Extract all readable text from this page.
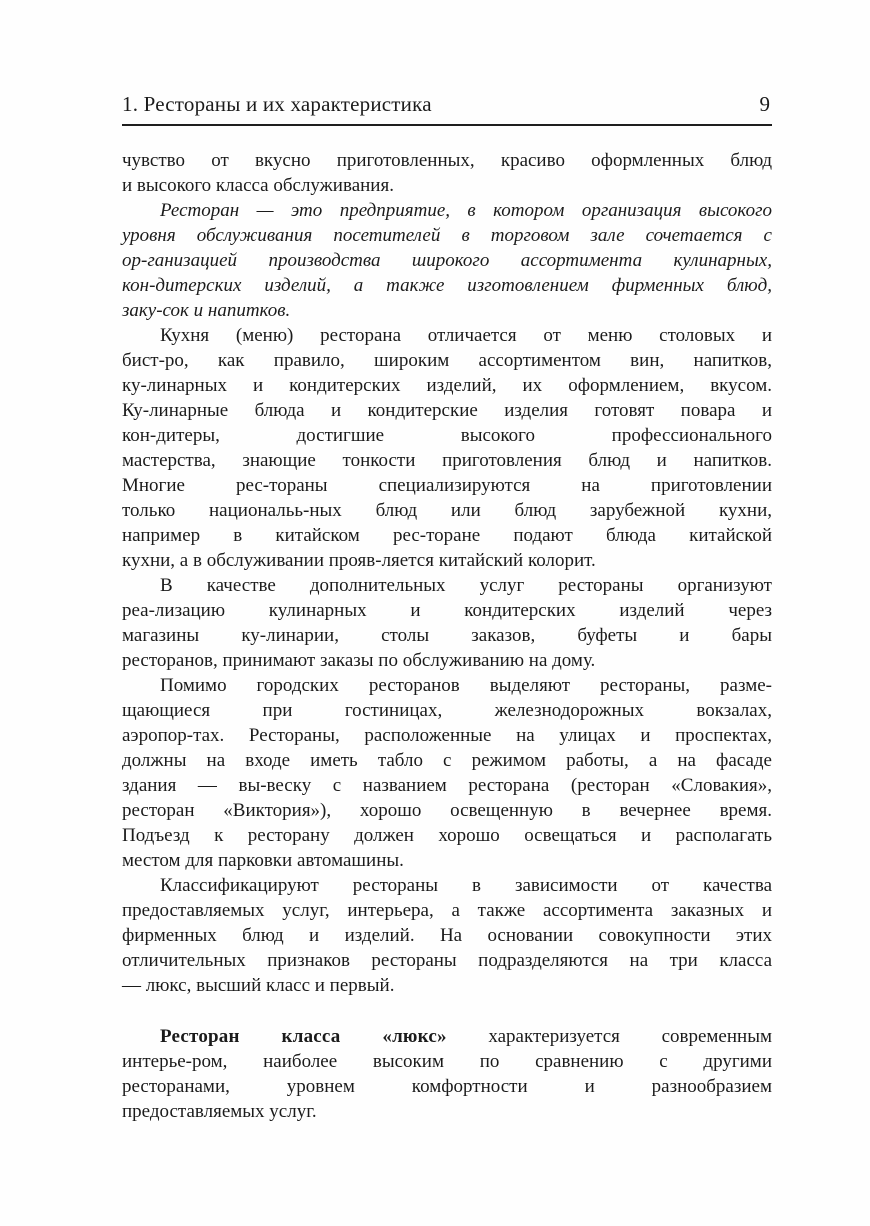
1. Рестораны и их характеристика	9
чувство от вкусно приготовленных, красиво оформленных блюд
и высокого класса обслуживания.
Ресторан — это предприятие, в котором организация высокого
уровня обслуживания посетителей в торговом зале сочетается с
ор-ганизацией производства широкого ассортимента кулинарных,
кон-дитерских изделий, а также изготовлением фирменных блюд,
заку-сок и напитков.
Кухня (меню) ресторана отличается от меню столовых и
бист-ро, как правило, широким ассортиментом вин, напитков,
ку-линарных и кондитерских изделий, их оформлением, вкусом.
Ку-линарные блюда и кондитерские изделия готовят повара и
кон-дитеры, достигшие высокого профессионального
мастерства, знающие тонкости приготовления блюд и напитков.
Многие рес-тораны специализируются на приготовлении
только национальь-ных блюд или блюд зарубежной кухни,
например в китайском рес-торане подают блюда китайской
кухни, а в обслуживании прояв-ляется китайский колорит.
В качестве дополнительных услуг рестораны организуют
реа-лизацию кулинарных и кондитерских изделий через
магазины ку-линарии, столы заказов, буфеты и бары
ресторанов, принимают заказы по обслуживанию на дому.
Помимо городских ресторанов выделяют рестораны, разме-
щающиеся при гостиницах, железнодорожных вокзалах,
аэропор-тах. Рестораны, расположенные на улицах и проспектах,
должны на входе иметь табло с режимом работы, а на фасаде
здания — вы-веску с названием ресторана (ресторан «Словакия»,
ресторан «Виктория»), хорошо освещенную в вечернее время.
Подъезд к ресторану должен хорошо освещаться и располагать
местом для парковки автомашины.
Классификацируют рестораны в зависимости от качества
предоставляемых услуг, интерьера, а также ассортимента заказных и
фирменных блюд и изделий. На основании совокупности этих
отличительных признаков рестораны подразделяются на три класса
— люкс, высший класс и первый.
Ресторан класса «люкс» характеризуется современным
интерье-ром, наиболее высоким по сравнению с другими
ресторанами, уровнем комфортности и разнообразием
предоставляемых услуг.
